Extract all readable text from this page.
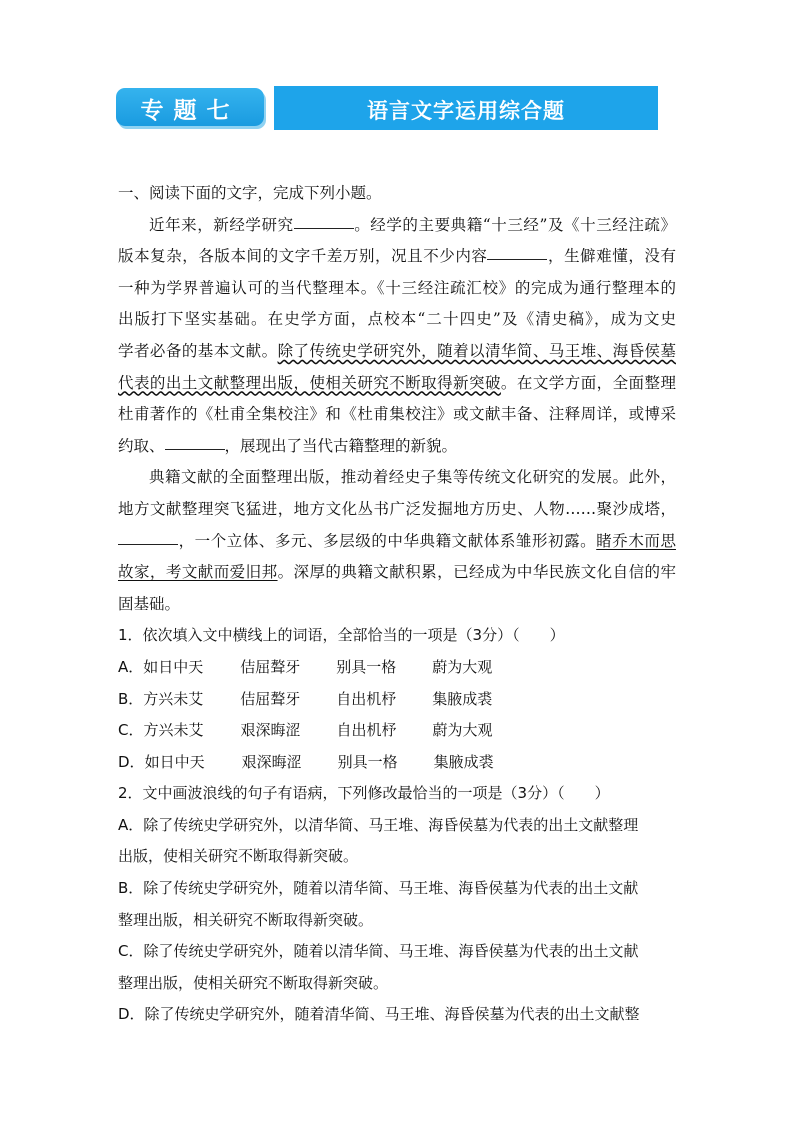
专题七	语言文字运用综合题
一、阅读下面的文字，完成下列小题。
近年来，新经学研究	。经学的主要典籍“十三经”及《十三经注疏》
版本复杂，各版本间的文字千差万别，况且不少内容	，生僻难懂，没有
一种为学界普遍认可的当代整理本。《十三经注疏汇校》的完成为通行整理本的
出版打下坚实基础。在史学方面，点校本“二十四史”及《清史稿》，成为文史
学者必备的基本文献。除了传统史学研究外，随着以清华简、马王堆、海昏侯墓
代表的出土文献整理出版，使相关研究不断取得新突破。在文学方面，全面整理
杜甫著作的《杜甫全集校注》和《杜甫集校注》或文献丰备、注释周详，或博采
约取、	，展现出了当代古籍整理的新貌。
典籍文献的全面整理出版，推动着经史子集等传统文化研究的发展。此外，
地方文献整理突飞猛进，地方文化丛书广泛发掘地方历史、人物……聚沙成塔，
，一个立体、多元、多层级的中华典籍文献体系雏形初露。睹乔木而思
故家，考文献而爱旧邦。深厚的典籍文献积累，已经成为中华民族文化自信的牢
固基础。
1．依次填入文中横线上的词语，全部恰当的一项是（3分）（　　）
A． 如日中天	佶屈聱牙	别具一格	蔚为大观
B． 方兴未艾	佶屈聱牙	自出机杼	集腋成裘
C． 方兴未艾	艰深晦涩	自出机杼	蔚为大观
D． 如日中天	艰深晦涩	别具一格	集腋成裘
2．文中画波浪线的句子有语病，下列修改最恰当的一项是（3分）（　　）
A．除了传统史学研究外，以清华简、马王堆、海昏侯墓为代表的出土文献整理
出版，使相关研究不断取得新突破。
B．除了传统史学研究外，随着以清华简、马王堆、海昏侯墓为代表的出土文献
整理出版，相关研究不断取得新突破。
C．除了传统史学研究外，随着以清华简、马王堆、海昏侯墓为代表的出土文献
整理出版，使相关研究不断取得新突破。
D．除了传统史学研究外，随着清华简、马王堆、海昏侯墓为代表的出土文献整
